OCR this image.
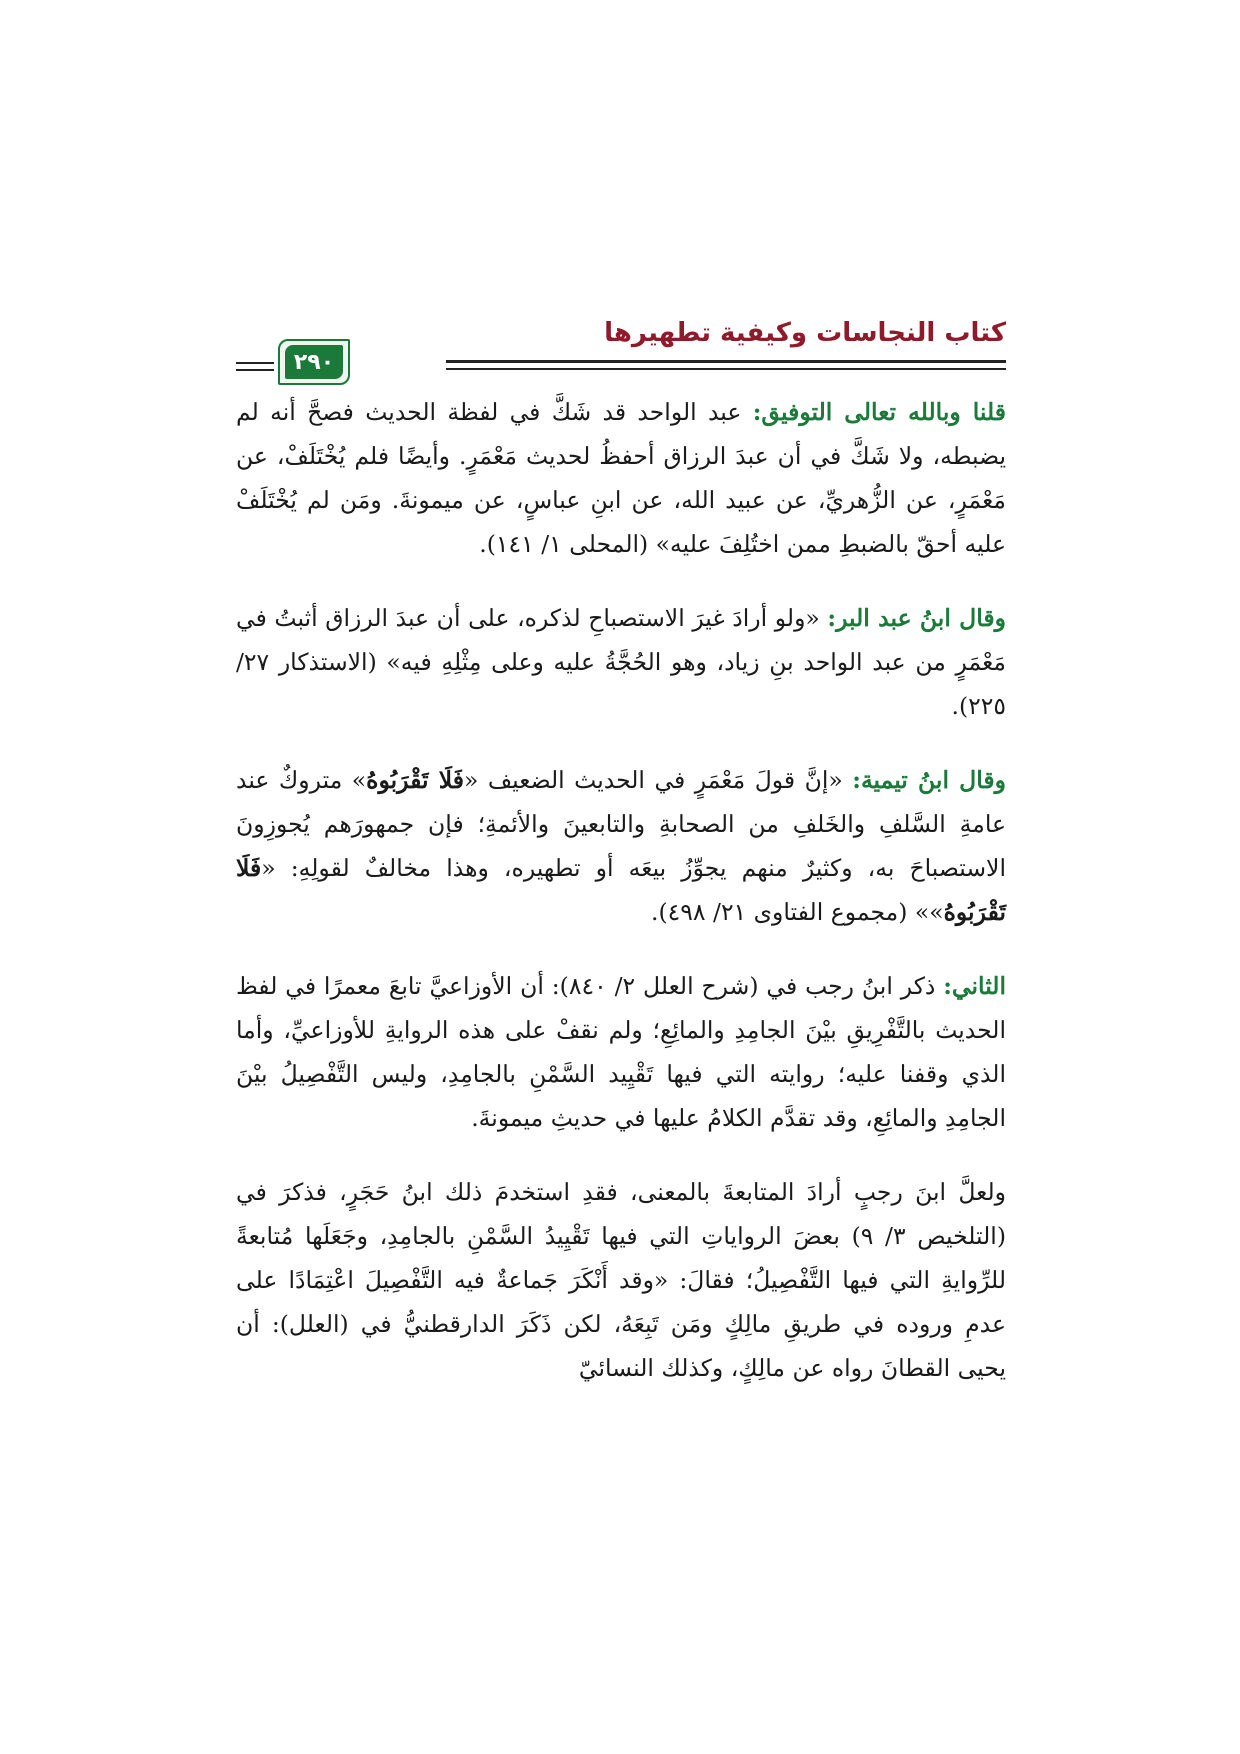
كتاب النجاسات وكيفية تطهيرها
٢٩٠

قلنا وبالله تعالى التوفيق: عبد الواحد قد شَكَّ في لفظة الحديث فصحَّ أنه لم يضبطه، ولا شَكَّ في أن عبدَ الرزاق أحفظُ لحديث مَعْمَرٍ. وأيضًا فلم يُخْتَلَفْ، عن مَعْمَرٍ، عن الزُّهريِّ، عن عبيد الله، عن ابنِ عباسٍ، عن ميمونةَ. ومَن لم يُخْتَلَفْ عليه أحقّ بالضبطِ ممن اختُلِفَ عليه» (المحلى ١/ ١٤١).

وقال ابنُ عبد البر: «ولو أرادَ غيرَ الاستصباحِ لذكره، على أن عبدَ الرزاق أثبتُ في مَعْمَرٍ من عبد الواحد بنِ زياد، وهو الحُجَّةُ عليه وعلى مِثْلِهِ فيه» (الاستذكار ٢٧/ ٢٢٥).

وقال ابنُ تيمية: «إنَّ قولَ مَعْمَرٍ في الحديث الضعيف «فَلَا تَقْرَبُوهُ» متروكٌ عند عامةِ السَّلفِ والخَلفِ من الصحابةِ والتابعينَ والأئمةِ؛ فإن جمهورَهم يُجوزِونَ الاستصباحَ به، وكثيرٌ منهم يجوِّزُ بيعَه أو تطهيره، وهذا مخالفٌ لقولِهِ: «فَلَا تَقْرَبُوهُ»» (مجموع الفتاوى ٢١/ ٤٩٨).

الثاني: ذكر ابنُ رجب في (شرح العلل ٢/ ٨٤٠): أن الأوزاعيَّ تابعَ معمرًا في لفظ الحديث بالتَّفْرِيقِ بيْنَ الجامِدِ والمائِعِ؛ ولم نقفْ على هذه الروايةِ للأوزاعيِّ، وأما الذي وقفنا عليه؛ روايته التي فيها تَقْيِيد السَّمْنِ بالجامِدِ، وليس التَّفْصِيلُ بيْنَ الجامِدِ والمائِعِ، وقد تقدَّم الكلامُ عليها في حديثِ ميمونةَ.

ولعلَّ ابنَ رجبٍ أرادَ المتابعةَ بالمعنى، فقدِ استخدمَ ذلك ابنُ حَجَرٍ، فذكرَ في (التلخيص ٣/ ٩) بعضَ الرواياتِ التي فيها تَقْيِيدُ السَّمْنِ بالجامِدِ، وجَعَلَها مُتابعةً للرِّوايةِ التي فيها التَّفْصِيلُ؛ فقالَ: «وقد أَنْكَرَ جَماعةٌ فيه التَّفْصِيلَ اعْتِمَادًا على عدمِ وروده في طريقِ مالِكٍ ومَن تَبِعَهُ، لكن ذَكَرَ الدارقطنيُّ في (العلل): أن يحيى القطانَ رواه عن مالِكٍ، وكذلك النسائيّ
